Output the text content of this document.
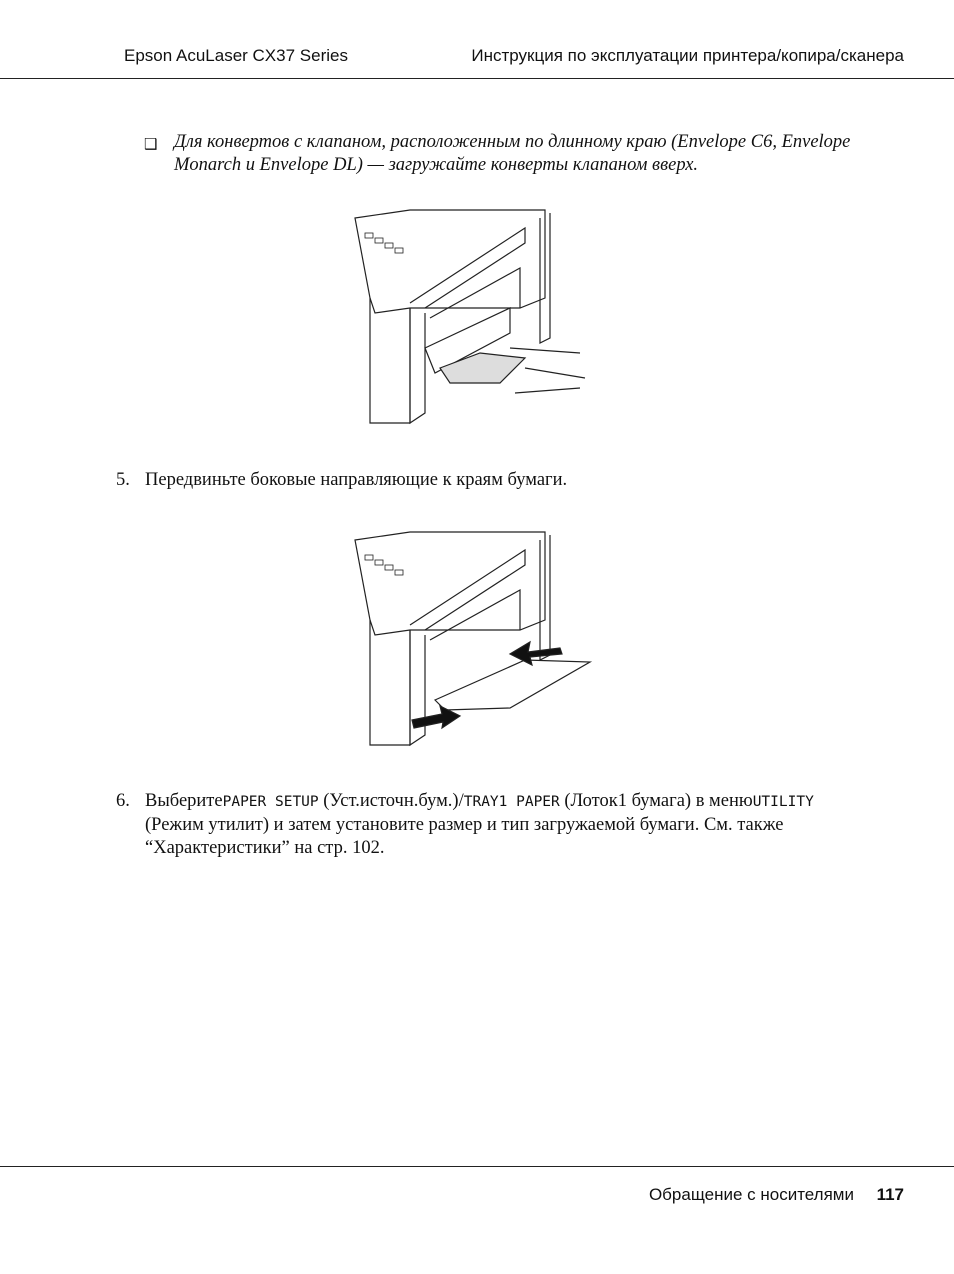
Epson AcuLaser CX37 Series	Инструкция по эксплуатации принтера/копира/сканера
❑ Для конвертов с клапаном, расположенным по длинному краю (Envelope C6, Envelope Monarch и Envelope DL) — загружайте конверты клапаном вверх.
5. Передвиньте боковые направляющие к краям бумаги.
6. ВыберитеPAPER SETUP (Уст.источн.бум.)/TRAY1 PAPER (Лоток1 бумага) в менюUTILITY (Режим утилит) и затем установите размер и тип загружаемой бумаги. См. также “Характеристики” на стр. 102.
Обращение с носителями 117
